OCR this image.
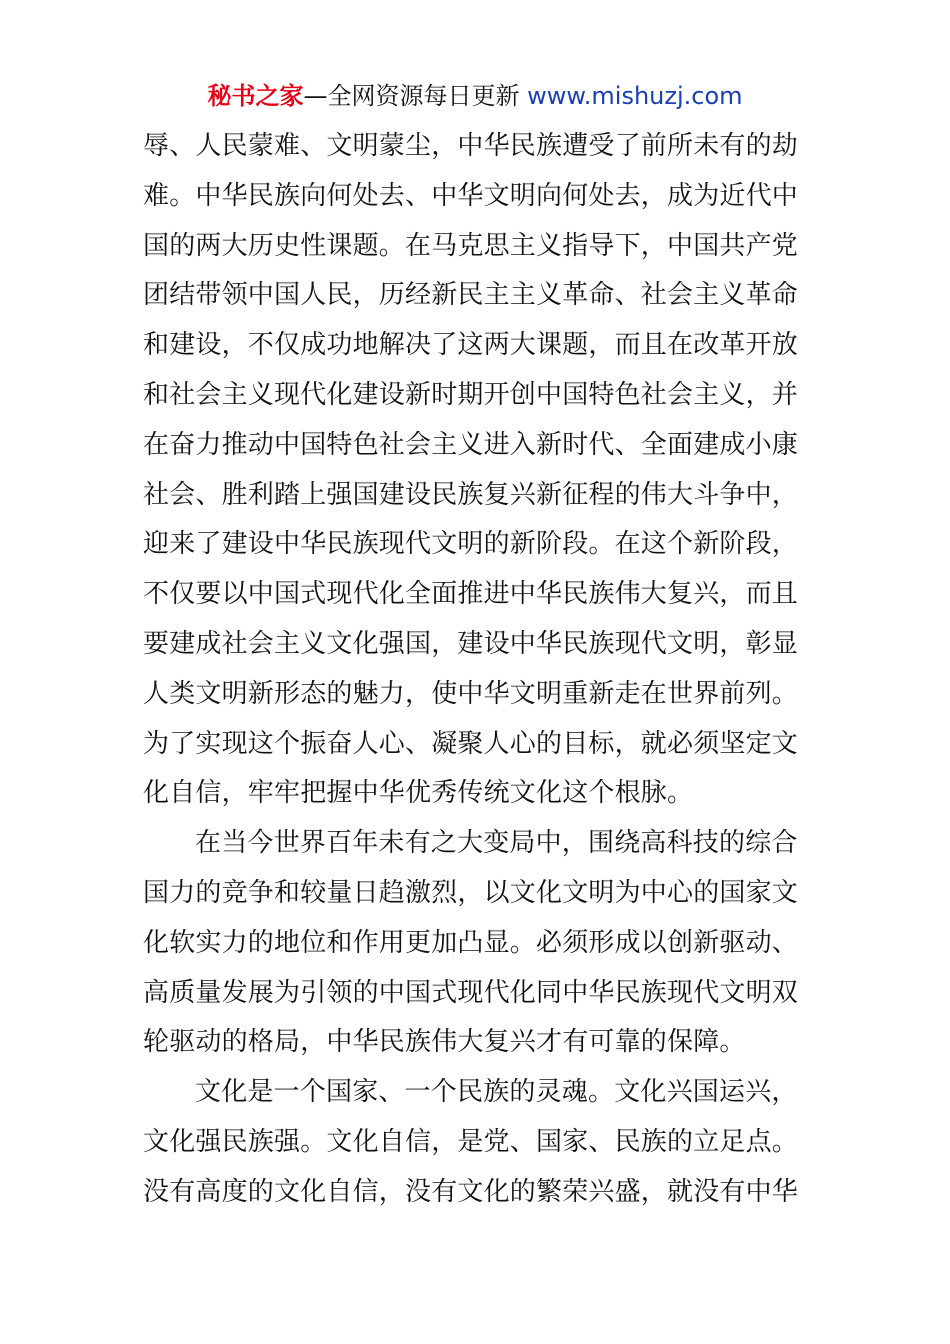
秘书之家—全网资源每日更新 www.mishuzj.com
辱、人民蒙难、文明蒙尘，中华民族遭受了前所未有的劫
难。中华民族向何处去、中华文明向何处去，成为近代中
国的两大历史性课题。在马克思主义指导下，中国共产党
团结带领中国人民，历经新民主主义革命、社会主义革命
和建设，不仅成功地解决了这两大课题，而且在改革开放
和社会主义现代化建设新时期开创中国特色社会主义，并
在奋力推动中国特色社会主义进入新时代、全面建成小康
社会、胜利踏上强国建设民族复兴新征程的伟大斗争中，
迎来了建设中华民族现代文明的新阶段。在这个新阶段，
不仅要以中国式现代化全面推进中华民族伟大复兴，而且
要建成社会主义文化强国，建设中华民族现代文明，彰显
人类文明新形态的魅力，使中华文明重新走在世界前列。
为了实现这个振奋人心、凝聚人心的目标，就必须坚定文
化自信，牢牢把握中华优秀传统文化这个根脉。
在当今世界百年未有之大变局中，围绕高科技的综合
国力的竞争和较量日趋激烈，以文化文明为中心的国家文
化软实力的地位和作用更加凸显。必须形成以创新驱动、
高质量发展为引领的中国式现代化同中华民族现代文明双
轮驱动的格局，中华民族伟大复兴才有可靠的保障。
文化是一个国家、一个民族的灵魂。文化兴国运兴，
文化强民族强。文化自信，是党、国家、民族的立足点。
没有高度的文化自信，没有文化的繁荣兴盛，就没有中华
